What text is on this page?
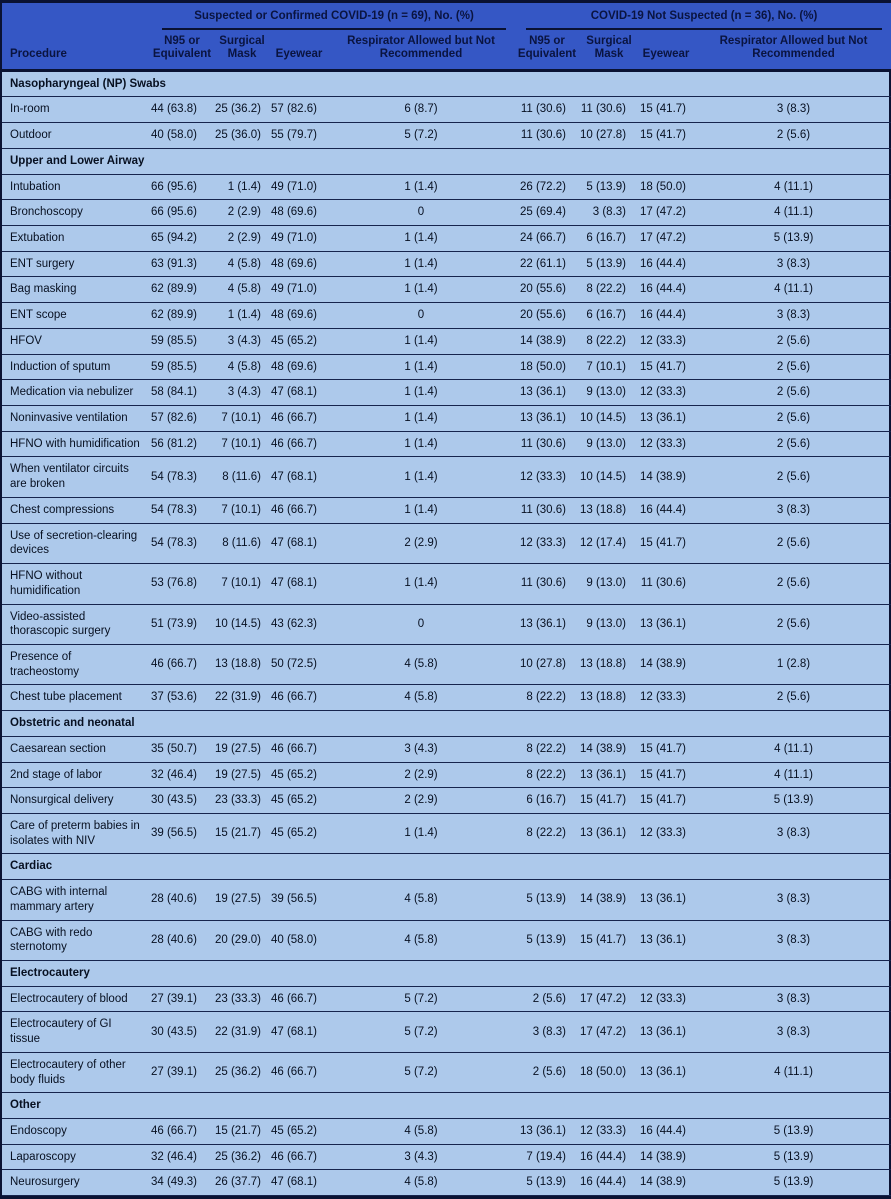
Procedure	Suspected or Confirmed COVID-19 (n = 69), No. (%)				COVID-19 Not Suspected (n = 36), No. (%)			

	N95 or Equivalent	Surgical Mask	Eyewear	Respirator Allowed but Not Recommended	N95 or Equivalent	Surgical Mask	Eyewear	Respirator Allowed but Not Recommended
Nasopharyngeal (NP) Swabs								
In-room	44 (63.8)	25 (36.2)	57 (82.6)	6 (8.7)	11 (30.6)	11 (30.6)	15 (41.7)	3 (8.3)
Outdoor	40 (58.0)	25 (36.0)	55 (79.7)	5 (7.2)	11 (30.6)	10 (27.8)	15 (41.7)	2 (5.6)
Upper and Lower Airway								
Intubation	66 (95.6)	1 (1.4)	49 (71.0)	1 (1.4)	26 (72.2)	5 (13.9)	18 (50.0)	4 (11.1)
Bronchoscopy	66 (95.6)	2 (2.9)	48 (69.6)	0	25 (69.4)	3 (8.3)	17 (47.2)	4 (11.1)
Extubation	65 (94.2)	2 (2.9)	49 (71.0)	1 (1.4)	24 (66.7)	6 (16.7)	17 (47.2)	5 (13.9)
ENT surgery	63 (91.3)	4 (5.8)	48 (69.6)	1 (1.4)	22 (61.1)	5 (13.9)	16 (44.4)	3 (8.3)
Bag masking	62 (89.9)	4 (5.8)	49 (71.0)	1 (1.4)	20 (55.6)	8 (22.2)	16 (44.4)	4 (11.1)
ENT scope	62 (89.9)	1 (1.4)	48 (69.6)	0	20 (55.6)	6 (16.7)	16 (44.4)	3 (8.3)
HFOV	59 (85.5)	3 (4.3)	45 (65.2)	1 (1.4)	14 (38.9)	8 (22.2)	12 (33.3)	2 (5.6)
Induction of sputum	59 (85.5)	4 (5.8)	48 (69.6)	1 (1.4)	18 (50.0)	7 (10.1)	15 (41.7)	2 (5.6)
Medication via nebulizer	58 (84.1)	3 (4.3)	47 (68.1)	1 (1.4)	13 (36.1)	9 (13.0)	12 (33.3)	2 (5.6)
Noninvasive ventilation	57 (82.6)	7 (10.1)	46 (66.7)	1 (1.4)	13 (36.1)	10 (14.5)	13 (36.1)	2 (5.6)
HFNO with humidification	56 (81.2)	7 (10.1)	46 (66.7)	1 (1.4)	11 (30.6)	9 (13.0)	12 (33.3)	2 (5.6)
When ventilator circuits are broken	54 (78.3)	8 (11.6)	47 (68.1)	1 (1.4)	12 (33.3)	10 (14.5)	14 (38.9)	2 (5.6)
Chest compressions	54 (78.3)	7 (10.1)	46 (66.7)	1 (1.4)	11 (30.6)	13 (18.8)	16 (44.4)	3 (8.3)
Use of secretion-clearing devices	54 (78.3)	8 (11.6)	47 (68.1)	2 (2.9)	12 (33.3)	12 (17.4)	15 (41.7)	2 (5.6)
HFNO without humidification	53 (76.8)	7 (10.1)	47 (68.1)	1 (1.4)	11 (30.6)	9 (13.0)	11 (30.6)	2 (5.6)
Video-assisted thorascopic surgery	51 (73.9)	10 (14.5)	43 (62.3)	0	13 (36.1)	9 (13.0)	13 (36.1)	2 (5.6)
Presence of tracheostomy	46 (66.7)	13 (18.8)	50 (72.5)	4 (5.8)	10 (27.8)	13 (18.8)	14 (38.9)	1 (2.8)
Chest tube placement	37 (53.6)	22 (31.9)	46 (66.7)	4 (5.8)	8 (22.2)	13 (18.8)	12 (33.3)	2 (5.6)
Obstetric and neonatal								
Caesarean section	35 (50.7)	19 (27.5)	46 (66.7)	3 (4.3)	8 (22.2)	14 (38.9)	15 (41.7)	4 (11.1)
2nd stage of labor	32 (46.4)	19 (27.5)	45 (65.2)	2 (2.9)	8 (22.2)	13 (36.1)	15 (41.7)	4 (11.1)
Nonsurgical delivery	30 (43.5)	23 (33.3)	45 (65.2)	2 (2.9)	6 (16.7)	15 (41.7)	15 (41.7)	5 (13.9)
Care of preterm babies in isolates with NIV	39 (56.5)	15 (21.7)	45 (65.2)	1 (1.4)	8 (22.2)	13 (36.1)	12 (33.3)	3 (8.3)
Cardiac								
CABG with internal mammary artery	28 (40.6)	19 (27.5)	39 (56.5)	4 (5.8)	5 (13.9)	14 (38.9)	13 (36.1)	3 (8.3)
CABG with redo sternotomy	28 (40.6)	20 (29.0)	40 (58.0)	4 (5.8)	5 (13.9)	15 (41.7)	13 (36.1)	3 (8.3)
Electrocautery								
Electrocautery of blood	27 (39.1)	23 (33.3)	46 (66.7)	5 (7.2)	2 (5.6)	17 (47.2)	12 (33.3)	3 (8.3)
Electrocautery of GI tissue	30 (43.5)	22 (31.9)	47 (68.1)	5 (7.2)	3 (8.3)	17 (47.2)	13 (36.1)	3 (8.3)
Electrocautery of other body fluids	27 (39.1)	25 (36.2)	46 (66.7)	5 (7.2)	2 (5.6)	18 (50.0)	13 (36.1)	4 (11.1)
Other								
Endoscopy	46 (66.7)	15 (21.7)	45 (65.2)	4 (5.8)	13 (36.1)	12 (33.3)	16 (44.4)	5 (13.9)
Laparoscopy	32 (46.4)	25 (36.2)	46 (66.7)	3 (4.3)	7 (19.4)	16 (44.4)	14 (38.9)	5 (13.9)
Neurosurgery	34 (49.3)	26 (37.7)	47 (68.1)	4 (5.8)	5 (13.9)	16 (44.4)	14 (38.9)	5 (13.9)
